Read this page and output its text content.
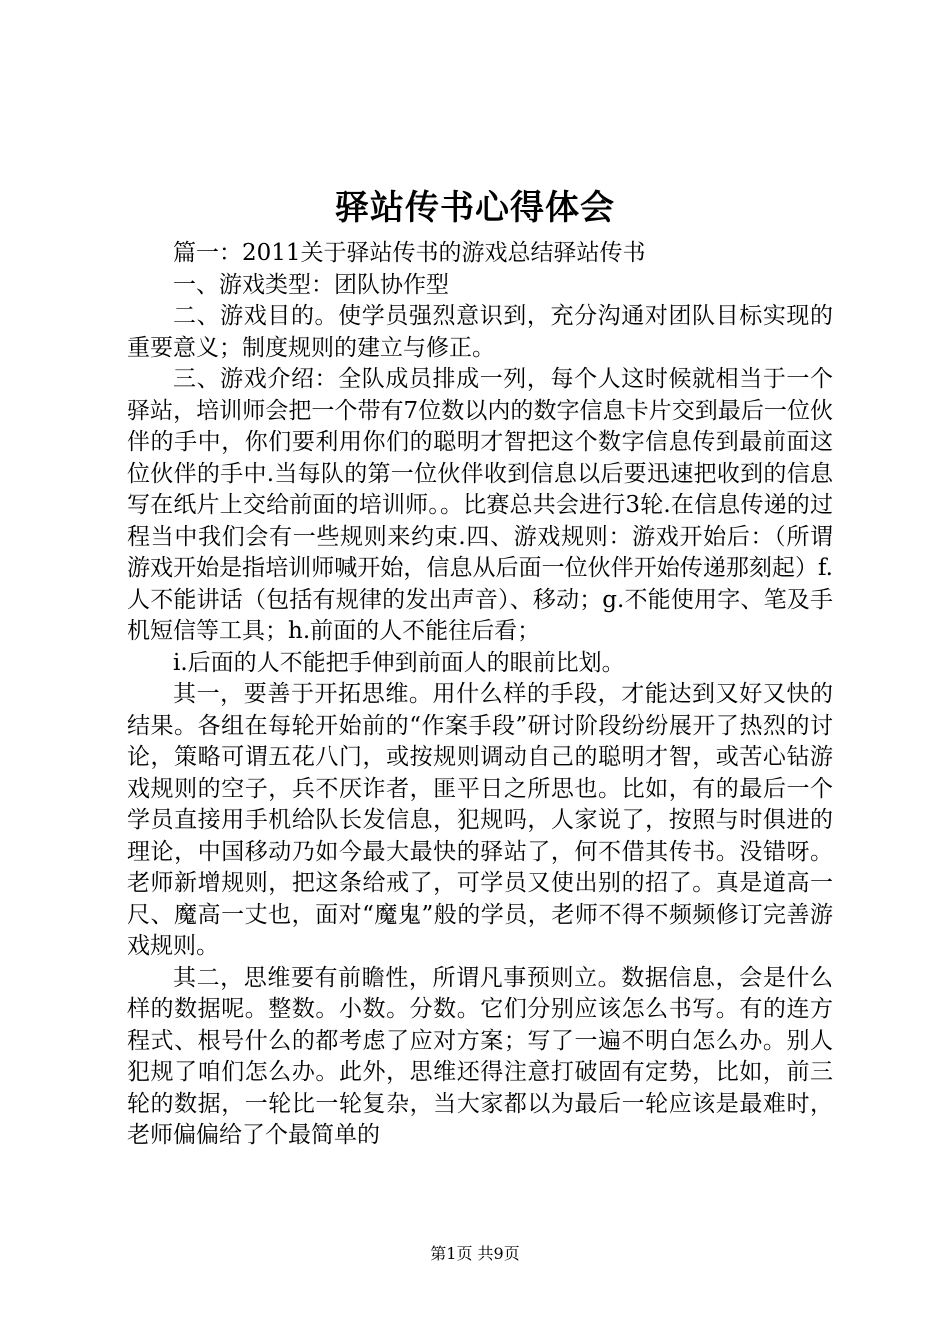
驿站传书心得体会

篇一：2011关于驿站传书的游戏总结驿站传书

一、游戏类型：团队协作型

二、游戏目的。使学员强烈意识到，充分沟通对团队目标实现的重要意义；制度规则的建立与修正。

三、游戏介绍：全队成员排成一列，每个人这时候就相当于一个驿站，培训师会把一个带有7位数以内的数字信息卡片交到最后一位伙伴的手中，你们要利用你们的聪明才智把这个数字信息传到最前面这位伙伴的手中.当每队的第一位伙伴收到信息以后要迅速把收到的信息写在纸片上交给前面的培训师。。比赛总共会进行3轮.在信息传递的过程当中我们会有一些规则来约束.四、游戏规则：游戏开始后：（所谓游戏开始是指培训师喊开始，信息从后面一位伙伴开始传递那刻起）f.人不能讲话（包括有规律的发出声音）、移动；g.不能使用字、笔及手机短信等工具；h.前面的人不能往后看；

i.后面的人不能把手伸到前面人的眼前比划。

其一，要善于开拓思维。用什么样的手段，才能达到又好又快的结果。各组在每轮开始前的“作案手段”研讨阶段纷纷展开了热烈的讨论，策略可谓五花八门，或按规则调动自己的聪明才智，或苦心钻游戏规则的空子，兵不厌诈者，匪平日之所思也。比如，有的最后一个学员直接用手机给队长发信息，犯规吗，人家说了，按照与时俱进的理论，中国移动乃如今最大最快的驿站了，何不借其传书。没错呀。老师新增规则，把这条给戒了，可学员又使出别的招了。真是道高一尺、魔高一丈也，面对“魔鬼”般的学员，老师不得不频频修订完善游戏规则。

其二，思维要有前瞻性，所谓凡事预则立。数据信息，会是什么样的数据呢。整数。小数。分数。它们分别应该怎么书写。有的连方程式、根号什么的都考虑了应对方案；写了一遍不明白怎么办。别人犯规了咱们怎么办。此外，思维还得注意打破固有定势，比如，前三轮的数据，一轮比一轮复杂，当大家都以为最后一轮应该是最难时，老师偏偏给了个最简单的

第1页 共9页
